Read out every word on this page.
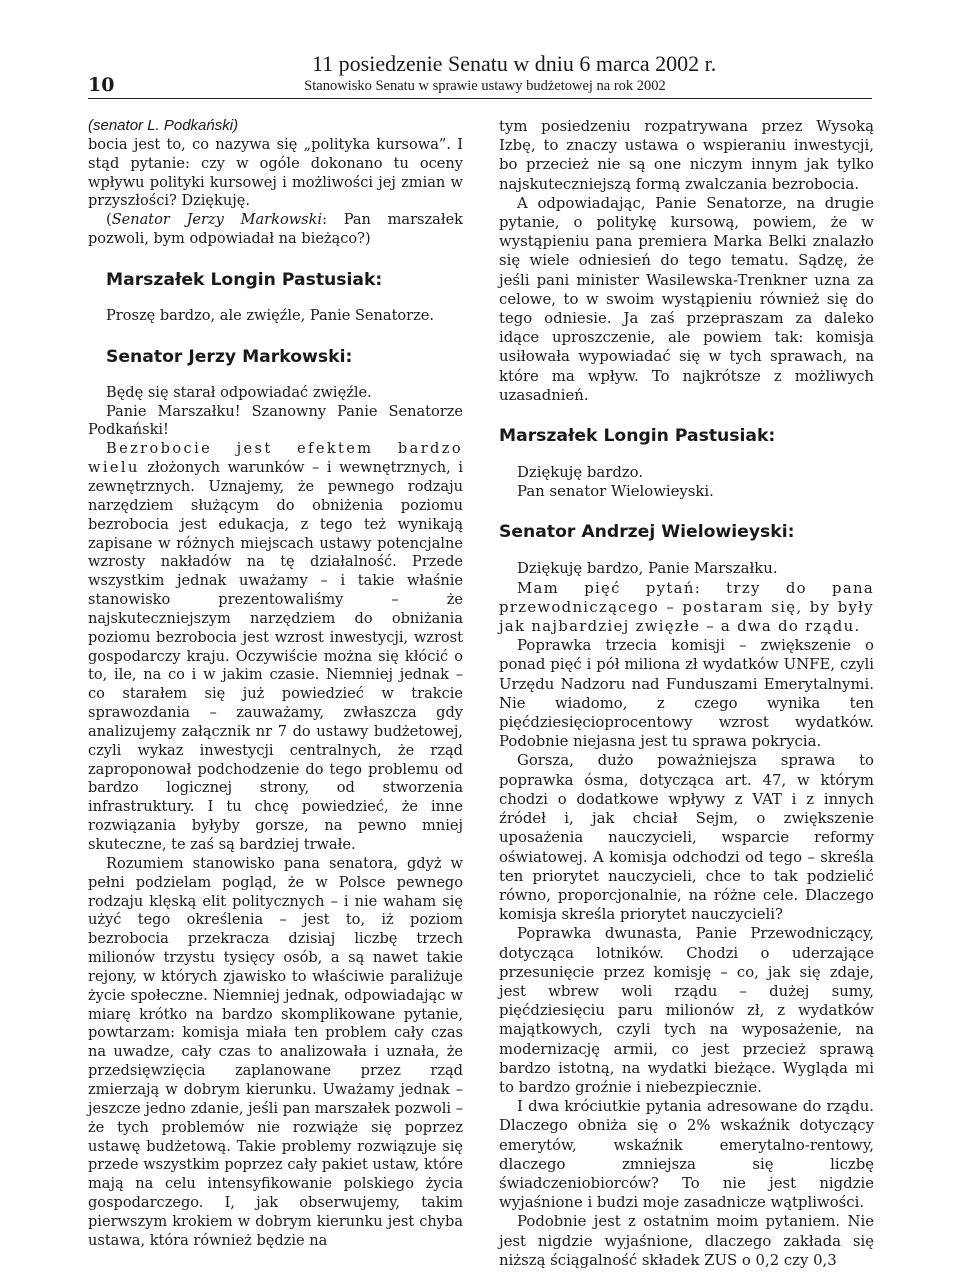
10
11 posiedzenie Senatu w dniu 6 marca 2002 r.
Stanowisko Senatu w sprawie ustawy budżetowej na rok 2002

(senator L. Podkański)

bocia jest to, co nazywa się „polityka kursowa”. I stąd pytanie: czy w ogóle dokonano tu oceny wpływu polityki kursowej i możliwości jej zmian w przyszłości? Dziękuję.

(Senator Jerzy Markowski: Pan marszałek pozwoli, bym odpowiadał na bieżąco?)

Marszałek Longin Pastusiak:

Proszę bardzo, ale zwięźle, Panie Senatorze.

Senator Jerzy Markowski:

Będę się starał odpowiadać zwięźle.

Panie Marszałku! Szanowny Panie Senatorze Podkański!

Bezrobocie jest efektem bardzo wielu złożonych warunków – i wewnętrznych, i zewnętrznych. Uznajemy, że pewnego rodzaju narzędziem służącym do obniżenia poziomu bezrobocia jest edukacja, z tego też wynikają zapisane w różnych miejscach ustawy potencjalne wzrosty nakładów na tę działalność. Przede wszystkim jednak uważamy – i takie właśnie stanowisko prezentowaliśmy – że najskuteczniejszym narzędziem do obniżania poziomu bezrobocia jest wzrost inwestycji, wzrost gospodarczy kraju. Oczywiście można się kłócić o to, ile, na co i w jakim czasie. Niemniej jednak – co starałem się już powiedzieć w trakcie sprawozdania – zauważamy, zwłaszcza gdy analizujemy załącznik nr 7 do ustawy budżetowej, czyli wykaz inwestycji centralnych, że rząd zaproponował podchodzenie do tego problemu od bardzo logicznej strony, od stworzenia infrastruktury. I tu chcę powiedzieć, że inne rozwiązania byłyby gorsze, na pewno mniej skuteczne, te zaś są bardziej trwałe.

Rozumiem stanowisko pana senatora, gdyż w pełni podzielam pogląd, że w Polsce pewnego rodzaju klęską elit politycznych – i nie waham się użyć tego określenia – jest to, iż poziom bezrobocia przekracza dzisiaj liczbę trzech milionów trzystu tysięcy osób, a są nawet takie rejony, w których zjawisko to właściwie paraliżuje życie społeczne. Niemniej jednak, odpowiadając w miarę krótko na bardzo skomplikowane pytanie, powtarzam: komisja miała ten problem cały czas na uwadze, cały czas to analizowała i uznała, że przedsięwzięcia zaplanowane przez rząd zmierzają w dobrym kierunku. Uważamy jednak – jeszcze jedno zdanie, jeśli pan marszałek pozwoli – że tych problemów nie rozwiąże się poprzez ustawę budżetową. Takie problemy rozwiązuje się przede wszystkim poprzez cały pakiet ustaw, które mają na celu intensyfikowanie polskiego życia gospodarczego. I, jak obserwujemy, takim pierwszym krokiem w dobrym kierunku jest chyba ustawa, która również będzie na

tym posiedzeniu rozpatrywana przez Wysoką Izbę, to znaczy ustawa o wspieraniu inwestycji, bo przecież nie są one niczym innym jak tylko najskuteczniejszą formą zwalczania bezrobocia.

A odpowiadając, Panie Senatorze, na drugie pytanie, o politykę kursową, powiem, że w wystąpieniu pana premiera Marka Belki znalazło się wiele odniesień do tego tematu. Sądzę, że jeśli pani minister Wasilewska-Trenkner uzna za celowe, to w swoim wystąpieniu również się do tego odniesie. Ja zaś przepraszam za daleko idące uproszczenie, ale powiem tak: komisja usiłowała wypowiadać się w tych sprawach, na które ma wpływ. To najkrótsze z możliwych uzasadnień.

Marszałek Longin Pastusiak:

Dziękuję bardzo.

Pan senator Wielowieyski.

Senator Andrzej Wielowieyski:

Dziękuję bardzo, Panie Marszałku.

Mam pięć pytań: trzy do pana przewodniczącego – postaram się, by były jak najbardziej zwięzłe – a dwa do rządu.

Poprawka trzecia komisji – zwiększenie o ponad pięć i pół miliona zł wydatków UNFE, czyli Urzędu Nadzoru nad Funduszami Emerytalnymi. Nie wiadomo, z czego wynika ten pięćdziesięcioprocentowy wzrost wydatków. Podobnie niejasna jest tu sprawa pokrycia.

Gorsza, dużo poważniejsza sprawa to poprawka ósma, dotycząca art. 47, w którym chodzi o dodatkowe wpływy z VAT i z innych źródeł i, jak chciał Sejm, o zwiększenie uposażenia nauczycieli, wsparcie reformy oświatowej. A komisja odchodzi od tego – skreśla ten priorytet nauczycieli, chce to tak podzielić równo, proporcjonalnie, na różne cele. Dlaczego komisja skreśla priorytet nauczycieli?

Poprawka dwunasta, Panie Przewodniczący, dotycząca lotników. Chodzi o uderzające przesunięcie przez komisję – co, jak się zdaje, jest wbrew woli rządu – dużej sumy, pięćdziesięciu paru milionów zł, z wydatków majątkowych, czyli tych na wyposażenie, na modernizację armii, co jest przecież sprawą bardzo istotną, na wydatki bieżące. Wygląda mi to bardzo groźnie i niebezpiecznie.

I dwa króciutkie pytania adresowane do rządu. Dlaczego obniża się o 2% wskaźnik dotyczący emerytów, wskaźnik emerytalno-rentowy, dlaczego zmniejsza się liczbę świadczeniobiorców? To nie jest nigdzie wyjaśnione i budzi moje zasadnicze wątpliwości.

Podobnie jest z ostatnim moim pytaniem. Nie jest nigdzie wyjaśnione, dlaczego zakłada się niższą ściągalność składek ZUS o 0,2 czy 0,3
